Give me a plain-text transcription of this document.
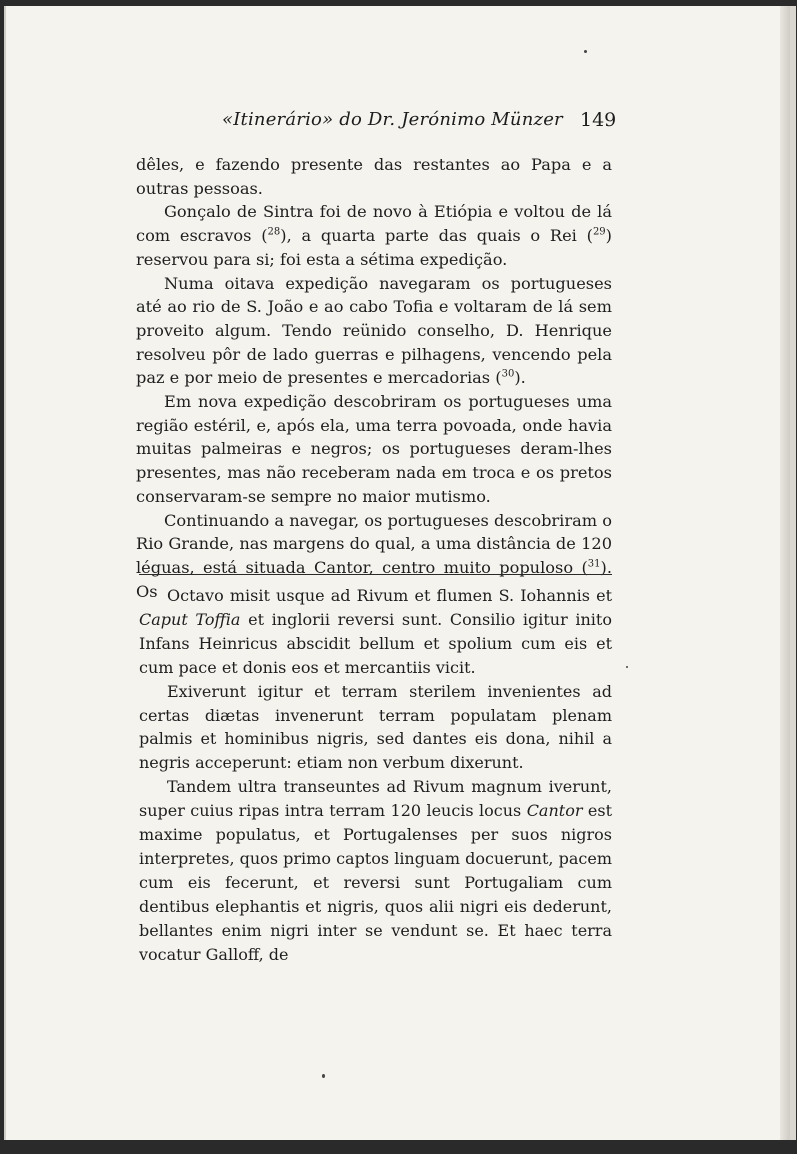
«Itinerário» do Dr. Jerónimo Münzer 149

dêles, e fazendo presente das restantes ao Papa e a outras pessoas.

Gonçalo de Sintra foi de novo à Etiópia e voltou de lá com escravos ($^{28}$), a quarta parte das quais o Rei ($^{29}$) reservou para si; foi esta a sétima expedição.

Numa oitava expedição navegaram os portugueses até ao rio de S. João e ao cabo Tofia e voltaram de lá sem proveito algum. Tendo reünido conselho, D. Henrique resolveu pôr de lado guerras e pilhagens, vencendo pela paz e por meio de presentes e mercadorias ($^{30}$).

Em nova expedição descobriram os portugueses uma região estéril, e, após ela, uma terra povoada, onde havia muitas palmeiras e negros; os portugueses deram-lhes presentes, mas não receberam nada em troca e os pretos conservaram-se sempre no maior mutismo.

Continuando a navegar, os portugueses descobriram o Rio Grande, nas margens do qual, a uma distância de 120 léguas, está situada Cantor, centro muito populoso ($^{31}$). Os Octavo misit usque ad Rivum et flumen S. Iohannis et Caput Toffia et inglorii reversi sunt. Consilio igitur inito Infans Heinricus abscidit bellum et spolium cum eis et cum pace et donis eos et mercantiis vicit.

Exiverunt igitur et terram sterilem invenientes ad certas diætas invenerunt terram populatam plenam palmis et hominibus nigris, sed dantes eis dona, nihil a negris acceperunt: etiam non verbum dixerunt.

Tandem ultra transeuntes ad Rivum magnum iverunt, super cuius ripas intra terram 120 leucis locus Cantor est maxime populatus, et Portugalenses per suos nigros interpretes, quos primo captos linguam docuerunt, pacem cum eis fecerunt, et reversi sunt Portugaliam cum dentibus elephantis et nigris, quos alii nigri eis dederunt, bellantes enim nigri inter se vendunt se. Et haec terra vocatur Galloff, de
